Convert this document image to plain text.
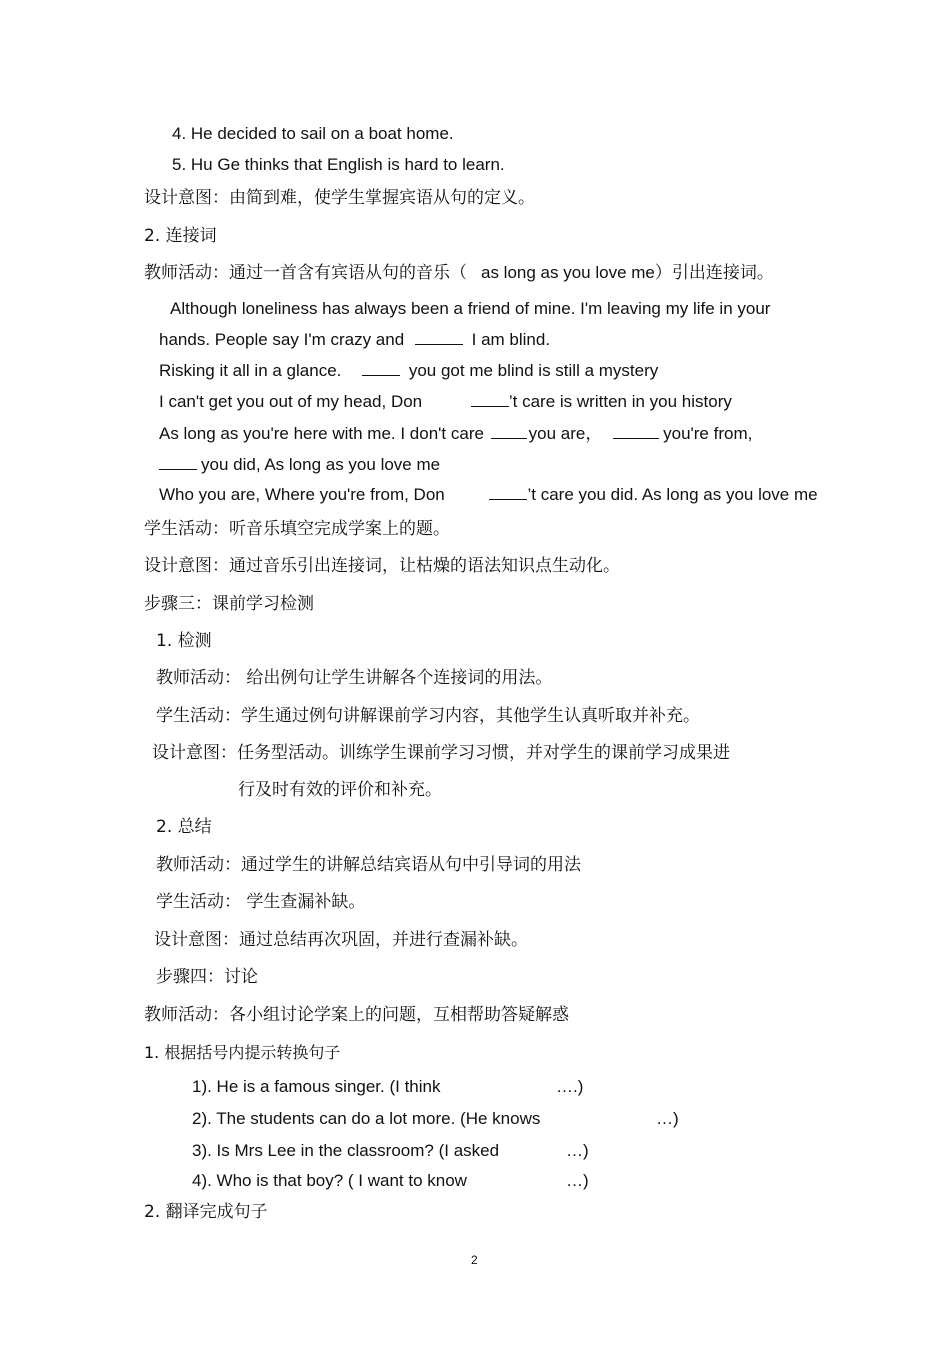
4. He decided to sail on a boat home.
5. Hu Ge thinks that English is hard to learn.
设计意图：由简到难，使学生掌握宾语从句的定义。
2. 连接词
教师活动：通过一首含有宾语从句的音乐（ as long as you love me）引出连接词。
Although loneliness has always been a friend of mine. I'm leaving my life in your
hands. People say I'm crazy and	I am blind.
Risking it all in a glance.	you got me blind is still a mystery
I can't get you out of my head, Don	’t care is written in you history
As long as you're here with me. I don't care	you are，	you're from,
you did, As long as you love me
Who you are, Where you're from, Don	’t care you did. As long as you love me
学生活动：听音乐填空完成学案上的题。
设计意图：通过音乐引出连接词，让枯燥的语法知识点生动化。
步骤三：课前学习检测
1. 检测
教师活动： 给出例句让学生讲解各个连接词的用法。
学生活动：学生通过例句讲解课前学习内容，其他学生认真听取并补充。
设计意图：任务型活动。训练学生课前学习习惯，并对学生的课前学习成果进
行及时有效的评价和补充。
2. 总结
教师活动：通过学生的讲解总结宾语从句中引导词的用法
学生活动： 学生查漏补缺。
设计意图：通过总结再次巩固，并进行查漏补缺。
步骤四：讨论
教师活动：各小组讨论学案上的问题，互相帮助答疑解惑
1. 根据括号内提示转换句子
1). He is a famous singer. (I think	….)
2). The students can do a lot more. (He knows	…)
3). Is Mrs Lee in the classroom? (I asked	…)
4). Who is that boy? ( I want to know	…)
2. 翻译完成句子
2
